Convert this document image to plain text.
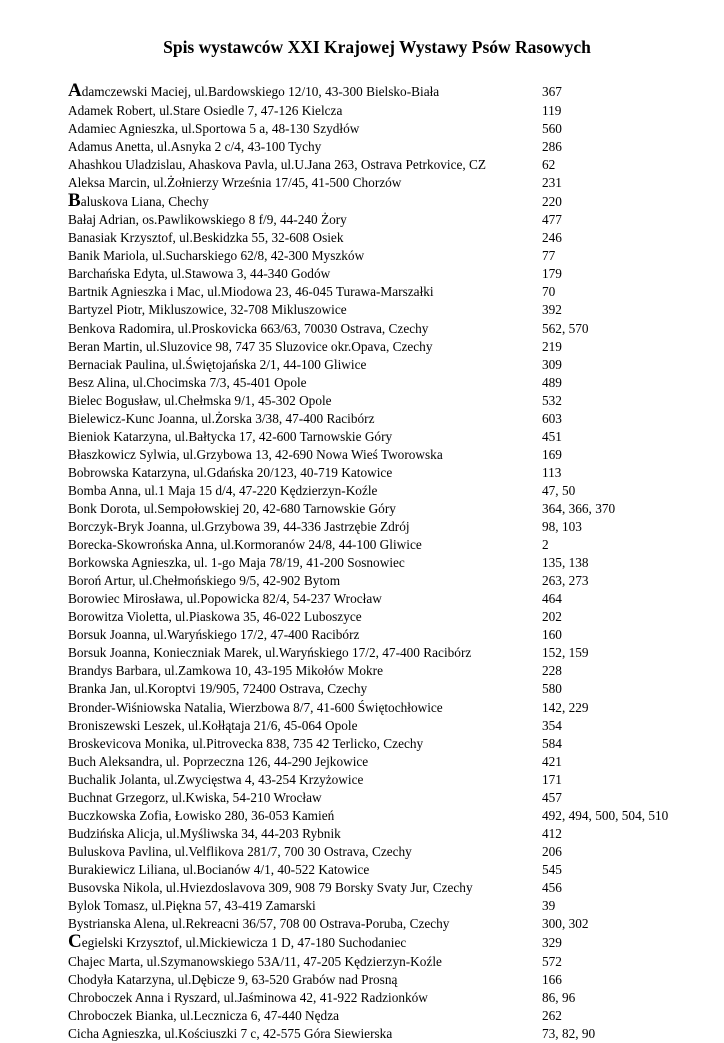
Spis wystawców XXI Krajowej Wystawy Psów Rasowych
Adamczewski Maciej, ul.Bardowskiego 12/10, 43-300 Bielsko-Biała	367
Adamek Robert, ul.Stare Osiedle 7, 47-126 Kielcza	119
Adamiec Agnieszka, ul.Sportowa 5 a, 48-130 Szydłów	560
Adamus Anetta, ul.Asnyka 2 c/4, 43-100 Tychy	286
Ahashkou Uladzislau, Ahaskova Pavla, ul.U.Jana 263, Ostrava Petrkovice, CZ	62
Aleksa Marcin, ul.Żołnierzy Września 17/45, 41-500 Chorzów	231
Baluskova Liana, Chechy	220
Bałaj Adrian, os.Pawlikowskiego 8 f/9, 44-240 Żory	477
Banasiak Krzysztof, ul.Beskidzka 55, 32-608 Osiek	246
Banik Mariola, ul.Sucharskiego 62/8, 42-300 Myszków	77
Barchańska Edyta, ul.Stawowa 3, 44-340 Godów	179
Bartnik Agnieszka i Mac, ul.Miodowa 23, 46-045 Turawa-Marszałki	70
Bartyzel Piotr, Mikluszowice, 32-708 Mikluszowice	392
Benkova Radomira, ul.Proskovicka 663/63, 70030 Ostrava, Czechy	562, 570
Beran Martin, ul.Sluzovice 98, 747 35 Sluzovice okr.Opava, Czechy	219
Bernaciak Paulina, ul.Świętojańska 2/1, 44-100 Gliwice	309
Besz Alina, ul.Chocimska 7/3, 45-401 Opole	489
Bielec Bogusław, ul.Chełmska 9/1, 45-302 Opole	532
Bielewicz-Kunc Joanna, ul.Żorska 3/38, 47-400 Racibórz	603
Bieniok Katarzyna, ul.Bałtycka 17, 42-600 Tarnowskie Góry	451
Błaszkowicz Sylwia, ul.Grzybowa 13, 42-690 Nowa Wieś Tworowska	169
Bobrowska Katarzyna, ul.Gdańska 20/123, 40-719 Katowice	113
Bomba Anna, ul.1 Maja 15 d/4, 47-220 Kędzierzyn-Koźle	47, 50
Bonk Dorota, ul.Sempołowskiej 20, 42-680 Tarnowskie Góry	364, 366, 370
Borczyk-Bryk Joanna, ul.Grzybowa 39, 44-336 Jastrzębie Zdrój	98, 103
Borecka-Skowrońska Anna, ul.Kormoranów 24/8, 44-100 Gliwice	2
Borkowska Agnieszka, ul. 1-go Maja 78/19, 41-200 Sosnowiec	135, 138
Boroń Artur, ul.Chełmońskiego 9/5, 42-902 Bytom	263, 273
Borowiec Mirosława, ul.Popowicka 82/4, 54-237 Wrocław	464
Borowitza Violetta, ul.Piaskowa 35, 46-022 Luboszyce	202
Borsuk Joanna, ul.Waryńskiego 17/2, 47-400 Racibórz	160
Borsuk Joanna, Koniecznіak Marek, ul.Waryńskiego 17/2, 47-400 Racibórz	152, 159
Brandys Barbara, ul.Zamkowa 10, 43-195 Mikołów Mokre	228
Branka Jan, ul.Koroptvi 19/905, 72400 Ostrava, Czechy	580
Bronder-Wiśniowska Natalia, Wierzbowa 8/7, 41-600 Świętochłowice	142, 229
Broniszewski Leszek, ul.Kołłątaja 21/6, 45-064 Opole	354
Broskevicova Monika, ul.Pitrovecka 838, 735 42 Terlicko, Czechy	584
Buch Aleksandra, ul. Poprzeczna 126, 44-290 Jejkowice	421
Buchalik Jolanta, ul.Zwycięstwa 4, 43-254 Krzyżowice	171
Buchnat Grzegorz, ul.Kwiska, 54-210 Wrocław	457
Buczkowska Zofia, Łowisko 280, 36-053 Kamień	492, 494, 500, 504, 510
Budzińska Alicja, ul.Myśliwska 34, 44-203 Rybnik	412
Buluskova Pavlina, ul.Velflikova 281/7, 700 30 Ostrava, Czechy	206
Burakiewicz Liliana, ul.Bocianów 4/1, 40-522 Katowice	545
Busovska Nikola, ul.Hviezdoslavova 309, 908 79 Borsky Svaty Jur, Czechy	456
Bylok Tomasz, ul.Piękna 57, 43-419 Zamarski	39
Bystrianska Alena, ul.Rekreacni 36/57, 708 00 Ostrava-Poruba, Czechy	300, 302
Cegielski Krzysztof, ul.Mickiewicza 1 D, 47-180 Suchodaniec	329
Chajec Marta, ul.Szymanowskiego 53A/11, 47-205 Kędzierzyn-Koźle	572
Chodyła Katarzyna, ul.Dębicze 9, 63-520 Grabów nad Prosną	166
Chroboczek Anna i Ryszard, ul.Jaśminowa 42, 41-922 Radzionków	86, 96
Chroboczek Bianka, ul.Lecznicza 6, 47-440 Nędza	262
Cicha Agnieszka, ul.Kościuszki 7 c, 42-575 Góra Siewierska	73, 82, 90
